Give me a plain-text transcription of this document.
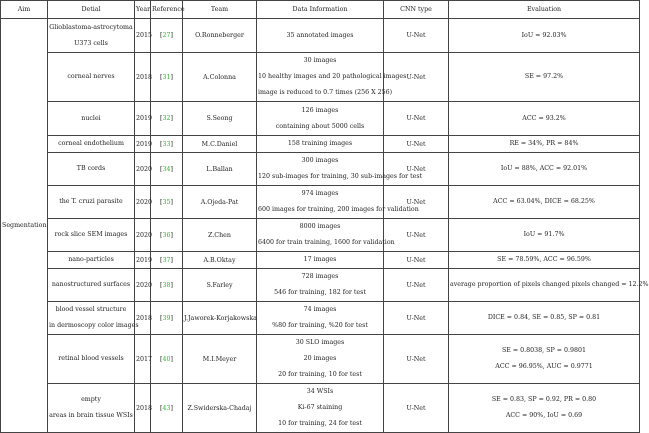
Aim	Detial	Year	Reference	Team	Data Information	CNN type	Evaluation
Segmentation	Glioblastoma-astrocytoma
U373 cells	2015	[27]	O.Ronneberger	35 annotated images	U-Net	IoU = 92.03%

	corneal nerves	2018	[31]	A.Colonna	30 images
10 healthy images and 20 pathological images
image is reduced to 0.7 times (256 X 256)	U-Net	SE = 97.2%

	nuclei	2019	[32]	S.Seong	126 images
containing about 5000 cells	U-Net	ACC = 93.2%

	corneal endothelium	2019	[33]	M.C.Daniel	158 training images	U-Net	RE = 34%, PR = 84%

	TB cords	2020	[34]	L.Ballan	300 images
120 sub-images for training, 30 sub-images for test	U-Net	IoU = 88%, ACC = 92.01%

	the T. cruzi parasite	2020	[35]	A.Ojeda-Pat	974 images
600 images for training, 200 images for validation	U-Net	ACC = 63.04%, DICE = 68.25%

	rock slice SEM images	2020	[36]	Z.Chen	8000 images
6400 for train training, 1600 for validation	U-Net	IoU = 91.7%

	nano-particles	2019	[37]	A.B.Oktay	17 images	U-Net	SE = 78.59%, ACC = 96.59%

	nanostructured surfaces	2020	[38]	S.Farley	728 images
546 for training, 182 for test	U-Net	average proportion of pixels changed pixels changed = 12.2%

	blood vessel structure
in dermoscopy color images	2018	[39]	J.Jaworek-Korjakowska	74 images
%80 for training, %20 for test	U-Net	DICE = 0.84, SE = 0.85, SP = 0.81

	retinal blood vessels	2017	[40]	M.I.Meyer	30 SLO images
20 images
20 for training, 10 for test	U-Net	SE = 0.8038, SP = 0.9801
ACC = 96.95%, AUC = 0.9771

	empty
areas in brain tissue WSIs	2018	[43]	Z.Swiderska-Chadaj	34 WSIs
Ki-67 staining
10 for training, 24 for test	U-Net	SE = 0.83, SP = 0.92, PR = 0.80
ACC = 90%, IoU = 0.69
